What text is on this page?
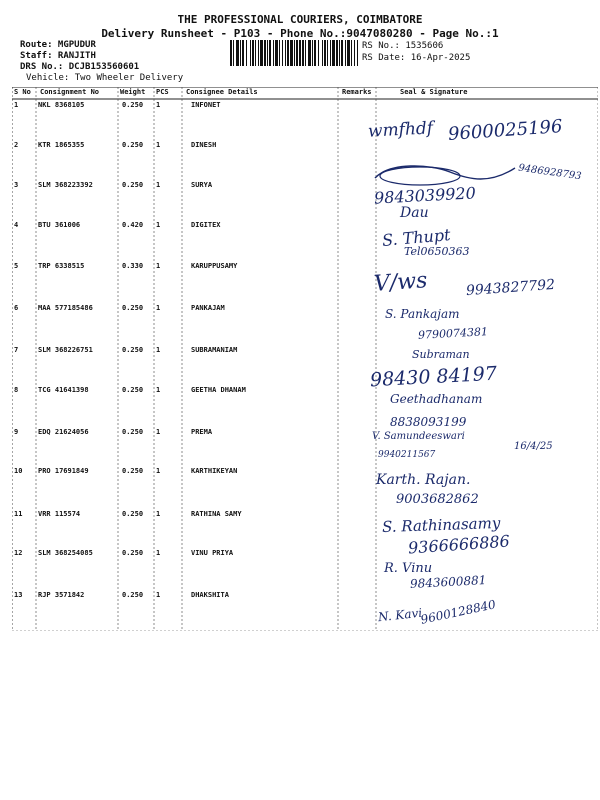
THE PROFESSIONAL COURIERS, COIMBATORE
Delivery Runsheet - P103 - Phone No.:9047080280 - Page No.:1
Route: MGPUDUR
Staff: RANJITH
DRS No.: DCJB153560601
Vehicle: Two Wheeler Delivery
RS No.: 1535606
RS Date: 16-Apr-2025
S No Consignment No	Weight PCS Consignee Details	Remarks	Seal & Signature
1	NKL 8368105	0.250 1	INFONET
2	KTR 1865355	0.250 1	DINESH
3	SLM 368223392	0.250 1	SURYA
4	BTU 361006	0.420 1	DIGITEX
5	TRP 6338515	0.330 1	KARUPPUSAMY
6	MAA 577185486	0.250 1	PANKAJAM
7	SLM 368226751	0.250 1	SUBRAMANIAM
8	TCG 41641398	0.250 1	GEETHA DHANAM
9	EDQ 21624056	0.250 1	PREMA
10 PRO 17691849	0.250 1	KARTHIKEYAN
11 VRR 115574	0.250 1	RATHINA SAMY
12 SLM 368254085	0.250 1	VINU PRIYA
13 RJP 3571842	0.250 1	DHAKSHITA
wmfhdf 9600025196
9486928793
9843039920
Dau
S. Thupt
Tel0650363
V/ws	9943827792
S. Pankajam
9790074381
Subraman
98430 84197
Geethadhanam
8838093199
V. Samundeeswari
16/4/25
9940211567
Karth. Rajan.
9003682862
S. Rathinasamy
9366666886
R. Vinu
9843600881
N. Kavi
9600128840
